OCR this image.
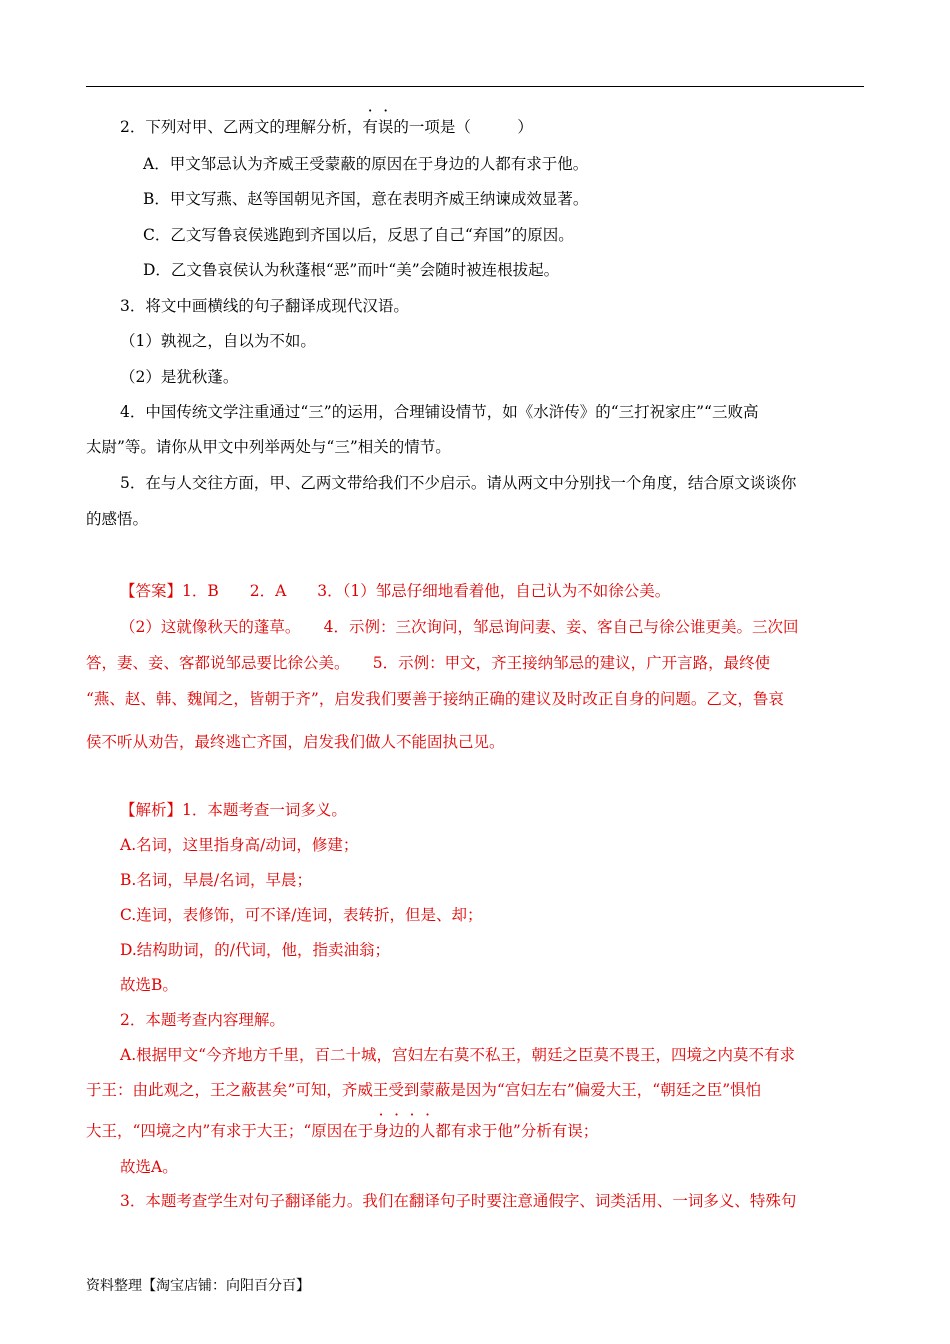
2．下列对甲、乙两文的理解分析，有误的一项是（　　　）
A．甲文邹忌认为齐威王受蒙蔽的原因在于身边的人都有求于他。
B．甲文写燕、赵等国朝见齐国，意在表明齐威王纳谏成效显著。
C．乙文写鲁哀侯逃跑到齐国以后，反思了自己“弃国”的原因。
D．乙文鲁哀侯认为秋蓬根“恶”而叶“美”会随时被连根拔起。
3．将文中画横线的句子翻译成现代汉语。
（1）孰视之，自以为不如。
（2）是犹秋蓬。
4．中国传统文学注重通过“三”的运用，合理铺设情节，如《水浒传》的“三打祝家庄”“三败高
太尉”等。请你从甲文中列举两处与“三”相关的情节。
5．在与人交往方面，甲、乙两文带给我们不少启示。请从两文中分别找一个角度，结合原文谈谈你
的感悟。
【答案】1．B　　2．A　　3．（1）邹忌仔细地看着他，自己认为不如徐公美。
（2）这就像秋天的蓬草。　　4．示例：三次询问，邹忌询问妻、妾、客自己与徐公谁更美。三次回
答，妻、妾、客都说邹忌要比徐公美。　　5．示例：甲文，齐王接纳邹忌的建议，广开言路，最终使
“燕、赵、韩、魏闻之，皆朝于齐”，启发我们要善于接纳正确的建议及时改正自身的问题。乙文，鲁哀
侯不听从劝告，最终逃亡齐国，启发我们做人不能固执己见。
【解析】1．本题考查一词多义。
A.名词，这里指身高/动词，修建；
B.名词，早晨/名词，早晨；
C.连词，表修饰，可不译/连词，表转折，但是、却；
D.结构助词，的/代词，他，指卖油翁；
故选B。
2．本题考查内容理解。
A.根据甲文“今齐地方千里，百二十城，宫妇左右莫不私王，朝廷之臣莫不畏王，四境之内莫不有求
于王：由此观之，王之蔽甚矣”可知，齐威王受到蒙蔽是因为“宫妇左右”偏爱大王，“朝廷之臣”惧怕
大王，“四境之内”有求于大王；“原因在于身边的人都有求于他”分析有误；
故选A。
3．本题考查学生对句子翻译能力。我们在翻译句子时要注意通假字、词类活用、一词多义、特殊句
资料整理【淘宝店铺：向阳百分百】
